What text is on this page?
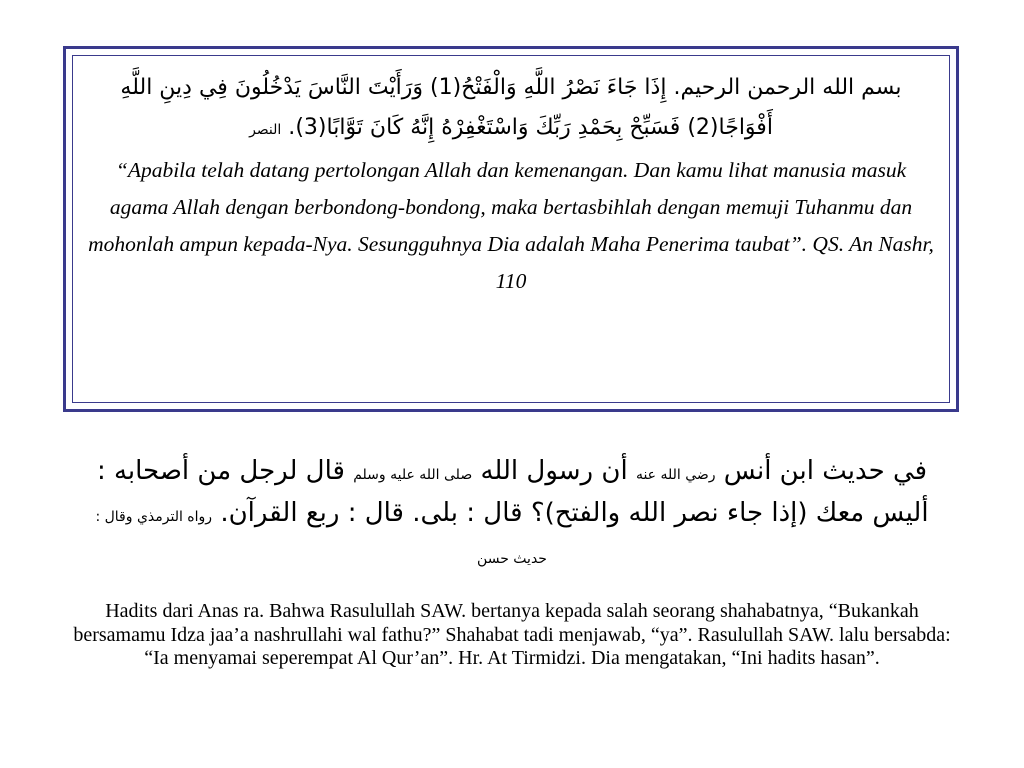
بسم الله الرحمن الرحيم. إِذَا جَاءَ نَصْرُ اللَّهِ وَالْفَتْحُ(1) وَرَأَيْتَ النَّاسَ يَدْخُلُونَ فِي دِينِ اللَّهِ أَفْوَاجًا(2) فَسَبِّحْ بِحَمْدِ رَبِّكَ وَاسْتَغْفِرْهُ إِنَّهُ كَانَ تَوَّابًا(3). النصر

“Apabila telah datang pertolongan Allah dan kemenangan. Dan kamu lihat manusia masuk agama Allah dengan berbondong-bondong, maka bertasbihlah dengan memuji Tuhanmu dan mohonlah ampun kepada-Nya. Sesungguhnya Dia adalah Maha Penerima taubat”. QS. An Nashr, 110

في حديث ابن أنس رضي الله عنه أن رسول الله صلى الله عليه وسلم قال لرجل من أصحابه : أليس معك (إذا جاء نصر الله والفتح)؟ قال : بلى. قال : ربع القرآن. رواه الترمذي وقال : حديث حسن

Hadits dari Anas ra. Bahwa Rasulullah SAW. bertanya kepada salah seorang shahabatnya, “Bukankah bersamamu Idza jaa’a nashrullahi wal fathu?” Shahabat tadi menjawab, “ya”. Rasulullah SAW. lalu bersabda: “Ia menyamai seperempat Al Qur’an”. Hr. At Tirmidzi. Dia mengatakan, “Ini hadits hasan”.
